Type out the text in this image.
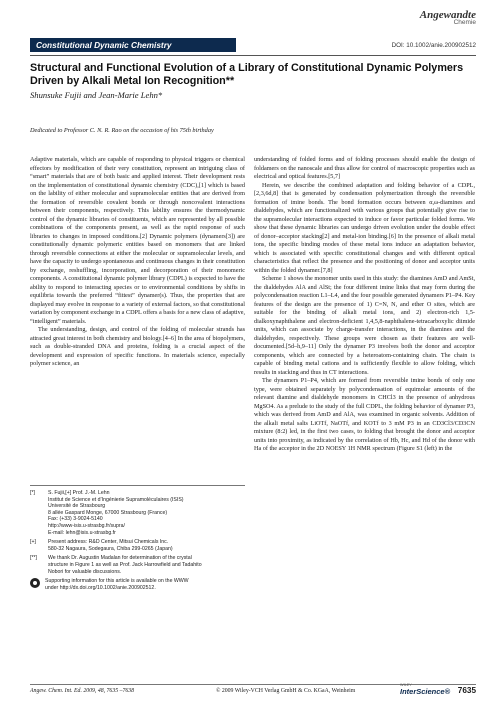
Angewandte
Chemie
Constitutional Dynamic Chemistry	DOI: 10.1002/anie.200902512
Structural and Functional Evolution of a Library of Constitutional Dynamic Polymers Driven by Alkali Metal Ion Recognition**
Shunsuke Fujii and Jean-Marie Lehn*
Dedicated to Professor C. N. R. Rao on the occasion of his 75th birthday

Adaptive materials, which are capable of responding to physical triggers or chemical effectors by modification of their very constitution, represent an intriguing class of “smart” materials that are of both basic and applied interest. Their development rests on the implementation of constitutional dynamic chemistry (CDC),[1] which is based on the lability of either molecular and supramolecular entities that are derived from the formation of reversible covalent bonds or through noncovalent interactions between their components, respectively. This lability ensures the thermodynamic control of the dynamic libraries of constituents, which are represented by all possible combinations of the components present, as well as the rapid response of such libraries to changes in imposed conditions.[2] Dynamic polymers (dynamers[3]) are constitutionally dynamic polymeric entities based on monomers that are linked through reversible connections at either the molecular or supramolecular levels, and have the capacity to undergo spontaneous and continuous changes in their constitution by exchange, reshuffling, incorporation, and decorporation of their monomeric components. A constitutional dynamic polymer library (CDPL) is expected to have the ability to respond to interacting species or to environmental conditions by shifts in equilibria towards the preferred “fittest” dynamer(s). Thus, the properties that are displayed may evolve in response to a variety of external factors, so that constitutional variation by component exchange in a CDPL offers a basis for a new class of adaptive, “intelligent” materials.

The understanding, design, and control of the folding of molecular strands has attracted great interest in both chemistry and biology.[4–6] In the area of biopolymers, such as double-stranded DNA and proteins, folding is a crucial aspect of the development and expression of specific functions. In materials science, especially polymer science, an

understanding of folded forms and of folding processes should enable the design of foldamers on the nanoscale and thus allow for control of macroscopic properties such as electrical and optical features.[5,7]

Herein, we describe the combined adaptation and folding behavior of a CDPL,[2,3,6d,8] that is generated by condensation polymerization through the reversible formation of imine bonds. The bond formation occurs between α,ω-diamines and dialdehydes, which are functionalized with various groups that potentially give rise to the supramolecular interactions expected to induce or favor particular folded forms. We show that these dynamic libraries can undergo driven evolution under the double effect of donor–acceptor stacking[2] and metal-ion binding.[6] In the presence of alkali metal ions, the specific binding modes of these metal ions induce an adaptation behavior, which is associated with specific constitutional changes and with different optical characteristics that reflect the presence and the positioning of donor and acceptor units within the folded dynamer.[7,8]

Scheme 1 shows the monomer units used in this study: the diamines AmD and AmSt, the dialdehydes AlA and AlSt; the four different imine links that may form during the polycondensation reaction L1–L4, and the four possible generated dynamers P1–P4. Key features of the design are the presence of 1) C=N, N, and ether O sites, which are suitable for the binding of alkali metal ions, and 2) electron-rich 1,5-dialkoxynaphthalene and electron-deficient 1,4,5,8-naphthalene-tetracarboxylic diimide units, which can associate by charge-transfer interactions, in the diamines and the dialdehydes, respectively. These groups were chosen as their features are well-documented.[5d–h,9–11] Only the dynamer P3 involves both the donor and acceptor components, which are connected by a heteroatom-containing chain. The chain is capable of binding metal cations and is sufficiently flexible to allow folding, which results in stacking and thus in CT interactions.

The dynamers P1–P4, which are formed from reversible imine bonds of only one type, were obtained separately by polycondensation of equimolar amounts of the relevant diamine and dialdehyde monomers in CHCl3 in the presence of anhydrous MgSO4. As a prelude to the study of the full CDPL, the folding behavior of dynamer P3, which was derived from AmD and AlA, was examined in organic solvents. Addition of the alkali metal salts LiOTf, NaOTf, and KOTf to 3 mM P3 in an CD3Cl3/CD3CN mixture (8:2) led, in the first two cases, to folding that brought the donor and acceptor units into proximity, as indicated by the correlation of Hb, Hc, and Hd of the donor with Ha of the acceptor in the 2D NOESY 1H NMR spectrum (Figure S1 (left) in the

[*]	S. Fujii,[+] Prof. J.-M. Lehn
Institut de Science et d’Ingénierie Supramoléculaires (ISIS)
Université de Strasbourg
8 allée Gaspard Monge, 67000 Strasbourg (France)
Fax: (+33) 3-9024-5140
http://www-isis.u-strasbg.fr/supra/
E-mail: lehn@isis.u-strasbg.fr
[+]	Present address: R&D Center, Mitsui Chemicals Inc.
580-32 Nagaura, Sodegaura, Chiba 299-0265 (Japan)
[**]	We thank Dr. Augustin Madalan for determination of the crystal
structure in Figure 1 as well as Prof. Jack Harrowfield and Tadahito
Nobori for valuable discussions.
Supporting information for this article is available on the WWW
under http://dx.doi.org/10.1002/anie.200902512.
Angew. Chem. Int. Ed. 2009, 48, 7635 –7638	© 2009 Wiley-VCH Verlag GmbH & Co. KGaA, Weinheim
WILEY
InterScience® 7635
